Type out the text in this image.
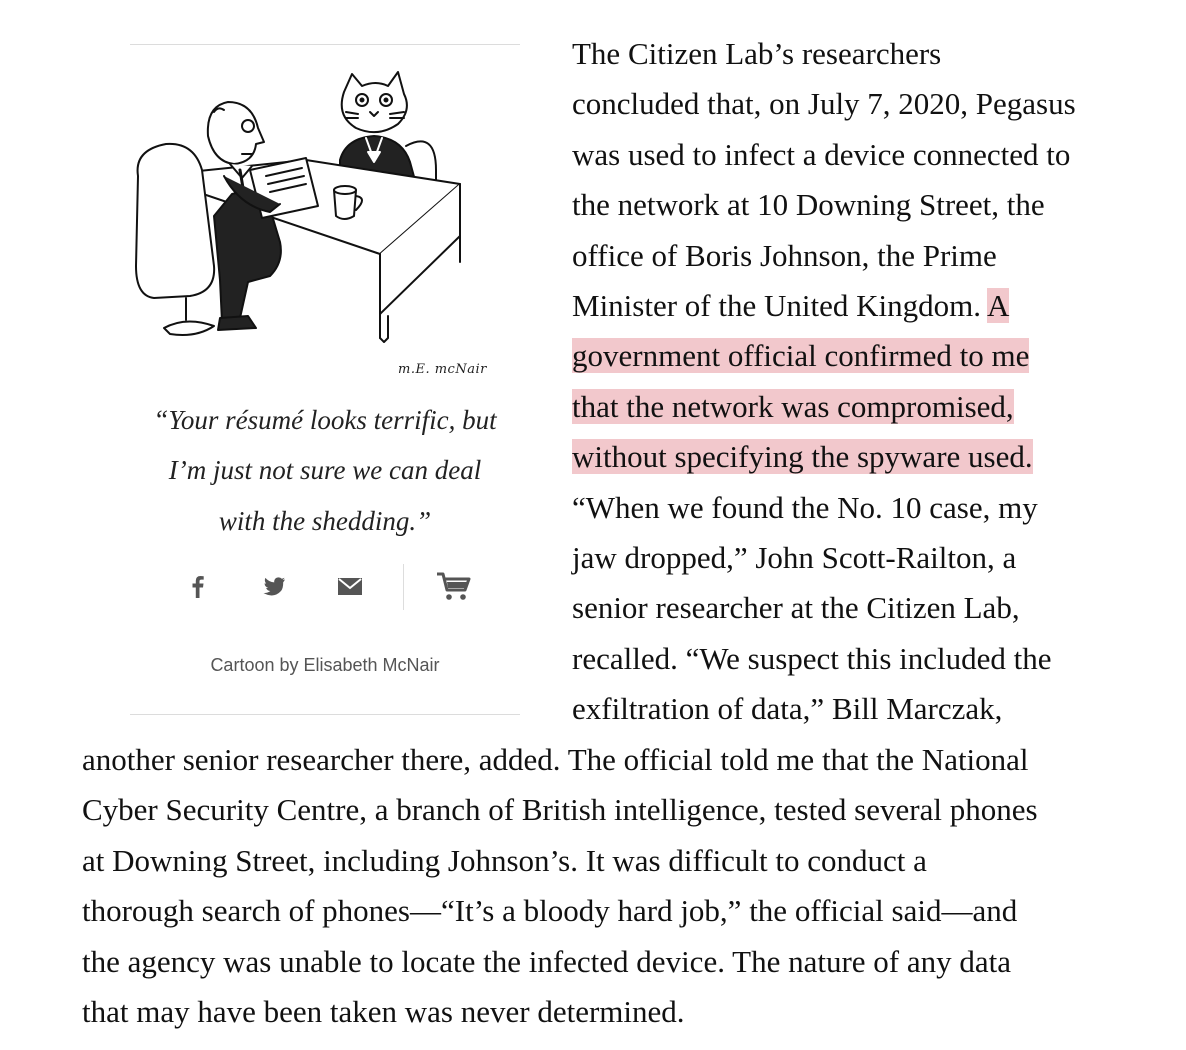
m.E. mcNair
“Your résumé looks terrific, but
I’m just not sure we can deal
with the shedding.”
Cartoon by Elisabeth McNair
The Citizen Lab’s researchers
concluded that, on July 7, 2020, Pegasus
was used to infect a device connected to
the network at 10 Downing Street, the
office of Boris Johnson, the Prime
Minister of the United Kingdom. A
government official confirmed to me
that the network was compromised,
without specifying the spyware used.
“When we found the No. 10 case, my
jaw dropped,” John Scott-Railton, a
senior researcher at the Citizen Lab,
recalled. “We suspect this included the
exfiltration of data,” Bill Marczak,
another senior researcher there, added. The official told me that the National
Cyber Security Centre, a branch of British intelligence, tested several phones
at Downing Street, including Johnson’s. It was difficult to conduct a
thorough search of phones—“It’s a bloody hard job,” the official said—and
the agency was unable to locate the infected device. The nature of any data
that may have been taken was never determined.
